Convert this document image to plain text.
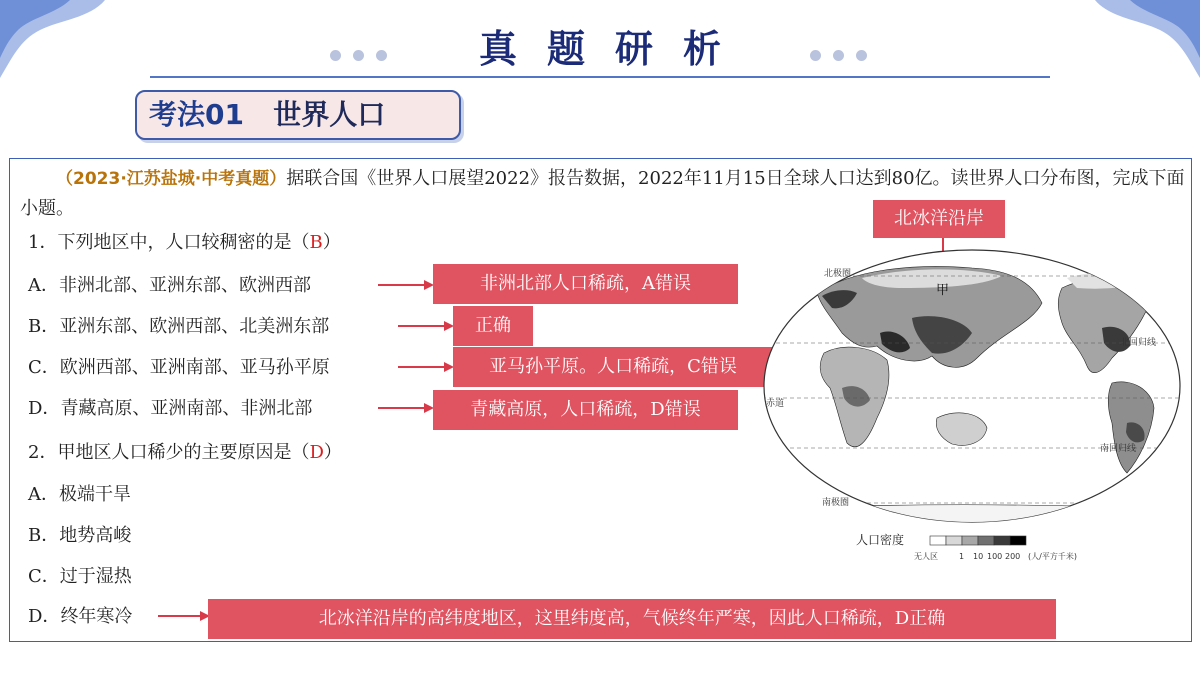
真题研析
考法01 世界人口
（2023·江苏盐城·中考真题）据联合国《世界人口展望2022》报告数据，2022年11月15日全球人口达到80亿。读世界人口分布图，完成下面小题。
1．下列地区中，人口较稠密的是（B）
A．非洲北部、亚洲东部、欧洲西部
B．亚洲东部、欧洲西部、北美洲东部
C．欧洲西部、亚洲南部、亚马孙平原
D．青藏高原、亚洲南部、非洲北部
2．甲地区人口稀少的主要原因是（D）
A．极端干旱
B．地势高峻
C．过于湿热
D．终年寒冷
非洲北部人口稀疏，A错误
正确
亚马孙平原。人口稀疏，C错误
青藏高原，人口稀疏，D错误
北冰洋沿岸的高纬度地区，这里纬度高，气候终年严寒，因此人口稀疏，D正确
北冰洋沿岸
北极圈
北回归线
赤道
南回归线
南极圈
甲
人口密度
无人区	1 10 100 200 (人/平方千米)
